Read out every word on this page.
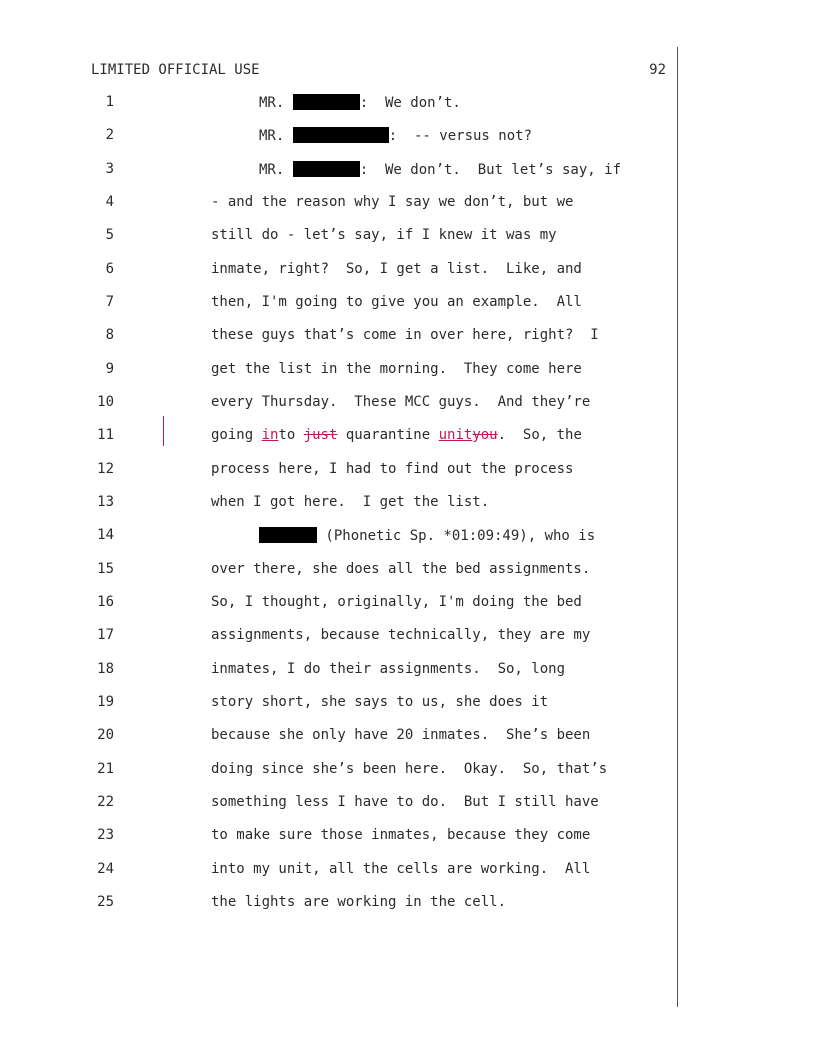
LIMITED OFFICIAL USE	92

1

	MR.	:  We don’t.

2

	MR.	:  -- versus not?

3

	MR.	:  We don’t.  But let’s say, if

4

	- and the reason why I say we don’t, but we

5

	still do - let’s say, if I knew it was my

6

	inmate, right?  So, I get a list.  Like, and

7

	then, I'm going to give you an example.  All

8

	these guys that’s come in over here, right?  I

9

	get the list in the morning.  They come here

10

	every Thursday.  These MCC guys.  And they’re

11

	going into just quarantine unityou.  So, the

12

	process here, I had to find out the process

13

	when I got here.  I get the list.

14

	(Phonetic Sp. *01:09:49), who is

15

	over there, she does all the bed assignments.

16

	So, I thought, originally, I'm doing the bed

17

	assignments, because technically, they are my

18

	inmates, I do their assignments.  So, long

19

	story short, she says to us, she does it

20

	because she only have 20 inmates.  She’s been

21

	doing since she’s been here.  Okay.  So, that’s

22

	something less I have to do.  But I still have

23

	to make sure those inmates, because they come

24

	into my unit, all the cells are working.  All

25

	the lights are working in the cell.
